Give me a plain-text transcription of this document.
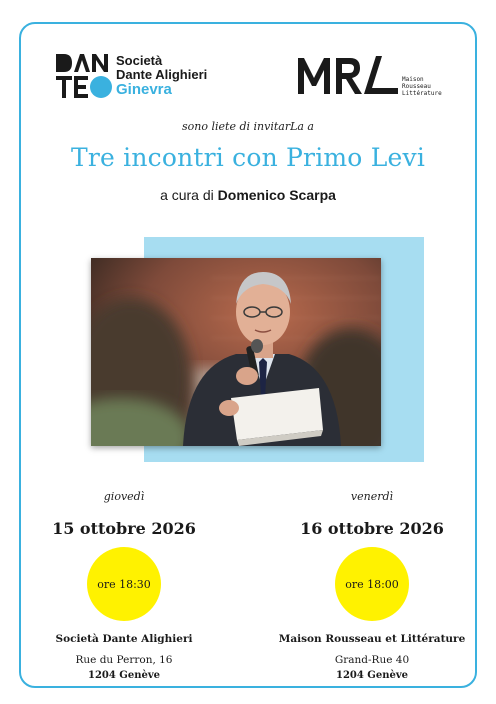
Società
Dante Alighieri
Ginevra
Maison
Rousseau
Littérature
sono liete di invitarLa a
Tre incontri con Primo Levi
a cura di Domenico Scarpa
giovedì
15 ottobre 2026
ore 18:30
Società Dante Alighieri
Rue du Perron, 16
1204 Genève
venerdì
16 ottobre 2026
ore 18:00
Maison Rousseau et Littérature
Grand-Rue 40
1204 Genève
